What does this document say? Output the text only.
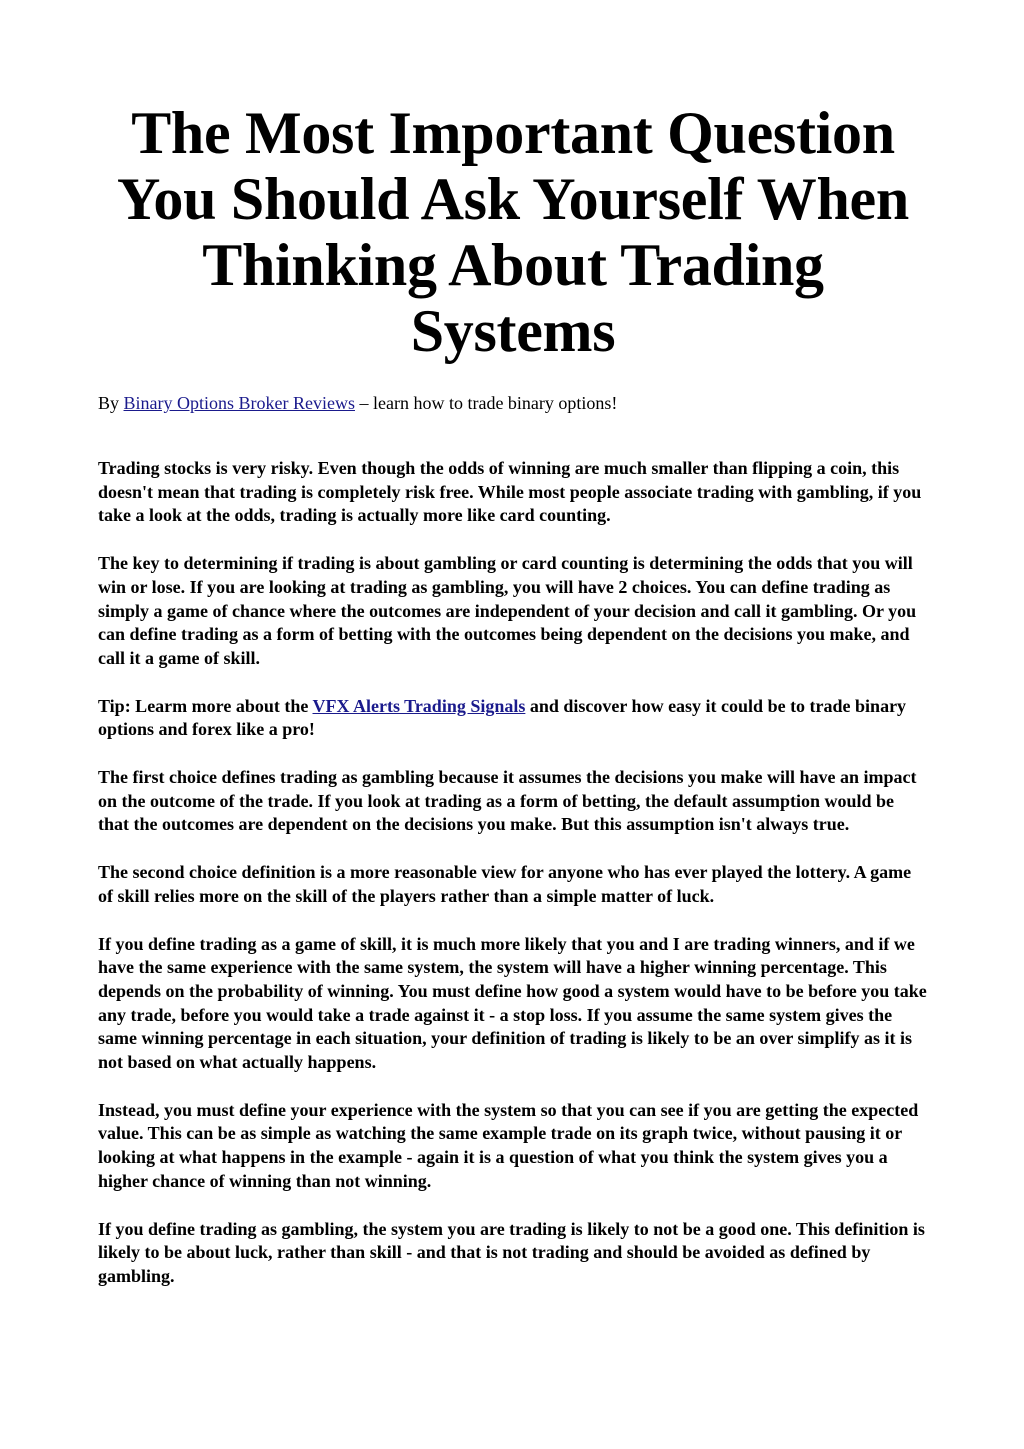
The Most Important Question You Should Ask Yourself When Thinking About Trading Systems
By Binary Options Broker Reviews – learn how to trade binary options!

Trading stocks is very risky. Even though the odds of winning are much smaller than flipping a coin, this doesn't mean that trading is completely risk free. While most people associate trading with gambling, if you take a look at the odds, trading is actually more like card counting.

The key to determining if trading is about gambling or card counting is determining the odds that you will win or lose. If you are looking at trading as gambling, you will have 2 choices. You can define trading as simply a game of chance where the outcomes are independent of your decision and call it gambling. Or you can define trading as a form of betting with the outcomes being dependent on the decisions you make, and call it a game of skill.

Tip: Learm more about the VFX Alerts Trading Signals and discover how easy it could be to trade binary options and forex like a pro!

The first choice defines trading as gambling because it assumes the decisions you make will have an impact on the outcome of the trade. If you look at trading as a form of betting, the default assumption would be that the outcomes are dependent on the decisions you make. But this assumption isn't always true.

The second choice definition is a more reasonable view for anyone who has ever played the lottery. A game of skill relies more on the skill of the players rather than a simple matter of luck.

If you define trading as a game of skill, it is much more likely that you and I are trading winners, and if we have the same experience with the same system, the system will have a higher winning percentage. This depends on the probability of winning. You must define how good a system would have to be before you take any trade, before you would take a trade against it - a stop loss. If you assume the same system gives the same winning percentage in each situation, your definition of trading is likely to be an over simplify as it is not based on what actually happens.

Instead, you must define your experience with the system so that you can see if you are getting the expected value. This can be as simple as watching the same example trade on its graph twice, without pausing it or looking at what happens in the example - again it is a question of what you think the system gives you a higher chance of winning than not winning.

If you define trading as gambling, the system you are trading is likely to not be a good one. This definition is likely to be about luck, rather than skill - and that is not trading and should be avoided as defined by gambling.
